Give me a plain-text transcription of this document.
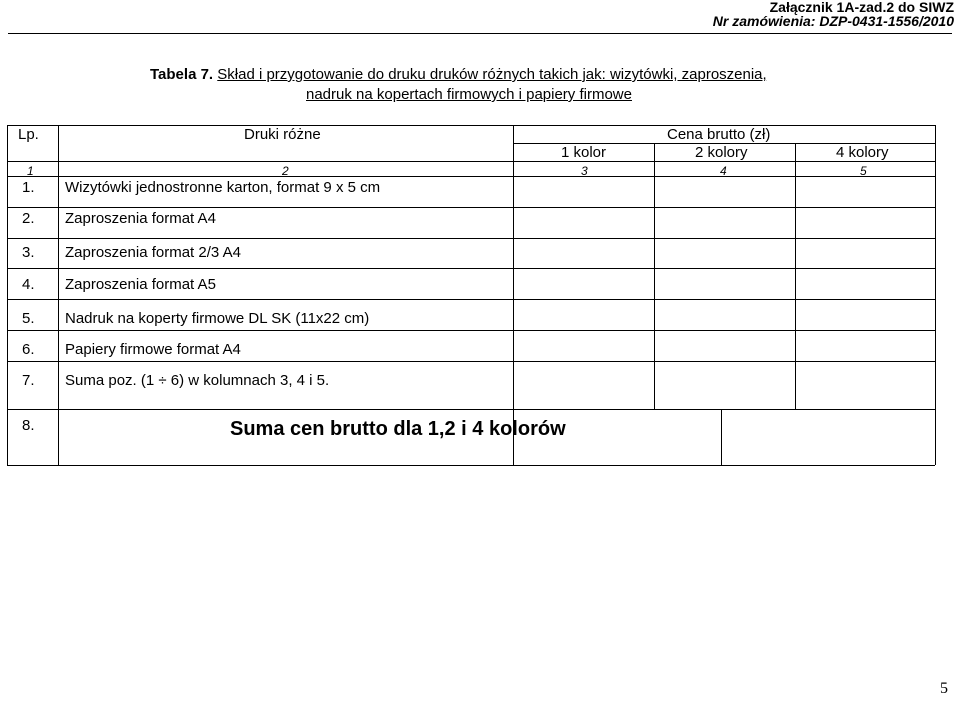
Załącznik 1A-zad.2 do SIWZ
Nr zamówienia: DZP-0431-1556/2010
Tabela 7. Skład i przygotowanie do druku druków różnych takich jak: wizytówki, zaproszenia,
nadruk na kopertach firmowych i papiery firmowe
Lp.	Druki różne	Cena brutto (zł)
1 kolor	2 kolory	4 kolory
1	2	3	4	5
1. Wizytówki jednostronne karton, format 9 x 5 cm
2. Zaproszenia format A4
3. Zaproszenia format 2/3 A4
4. Zaproszenia format A5
5. Nadruk na koperty firmowe DL SK (11x22 cm)
6. Papiery firmowe format A4
7. Suma poz. (1 ÷ 6) w kolumnach 3, 4 i 5.
8.	Suma cen brutto dla 1,2 i 4 kolorów
5
